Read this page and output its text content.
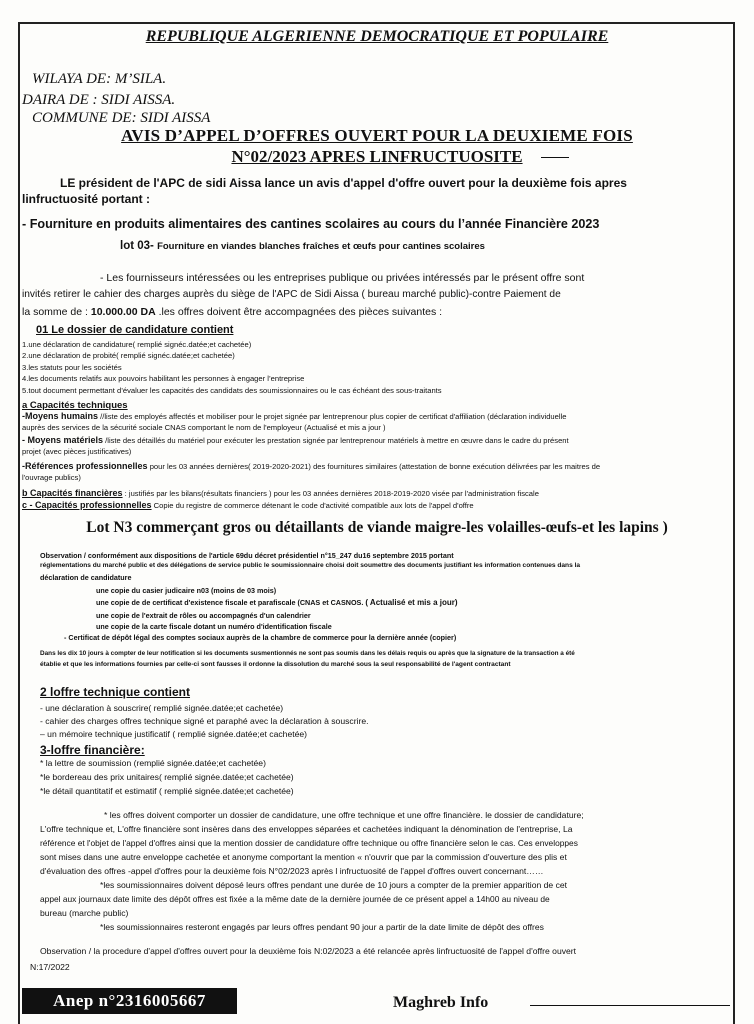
REPUBLIQUE ALGERIENNE DEMOCRATIQUE ET POPULAIRE
WILAYA DE: M’SILA.
DAIRA DE : SIDI AISSA.
COMMUNE DE: SIDI AISSA
AVIS D’APPEL D’OFFRES OUVERT POUR LA DEUXIEME FOIS
N°02/2023 APRES LINFRUCTUOSITE
LE président de l'APC de sidi Aissa lance un avis d'appel d'offre ouvert pour la deuxième fois apres
linfructuosité portant :
- Fourniture en produits alimentaires des cantines scolaires au cours du l’année Financière 2023
lot 03- Fourniture en viandes blanches fraîches et œufs pour cantines scolaires
- Les fournisseurs intéressées ou les entreprises publique ou privées intéressés par le présent offre sont
invités retirer le cahier des charges auprès du siège de l'APC de Sidi Aissa ( bureau marché public)-contre Paiement de
la somme de : 10.000.00 DA .les offres doivent être accompagnées des pièces suivantes :
01 Le dossier de candidature contient
1.une déclaration de candidature( remplié signéc.datée;et cachetée)
2.une déclaration de probité( remplié signéc.datée;et cachetée)
3.les statuts pour les sociétés
4.les documents relatifs aux pouvoirs habilitant les personnes à engager l’entreprise
5.tout document permettant d’évaluer les capacités des candidats des soumissionnaires ou le cas échéant des sous-traitants
a Capacités techniques
-Moyens humains //liste des employés affectés et mobiliser pour le projet signée par lentreprenour plus copier de certificat d'affiliation (déclaration individuelle
auprès des services de la sécurité sociale CNAS comportant le nom de l'employeur (Actualisé et mis a jour )
- Moyens matériels /liste des détaillés du matériel pour exécuter les prestation signée par lentreprenour matériels à mettre en œuvre dans le cadre du présent
projet (avec pièces justificatives)
-Références professionnelles pour les 03 années dernières( 2019-2020-2021) des fournitures similaires (attestation de bonne exécution délivrées par les maitres de
l'ouvrage publics)
b Capacités financières : justifiés par les bilans(résultats financiers ) pour les 03 années dernières 2018-2019-2020 visée par l'administration fiscale
c - Capacités professionnelles Copie du registre de commerce détenant le code d'activité compatible aux lots de l'appel d'offre
Lot N3 commerçant gros ou détaillants de viande maigre-les volailles-œufs-et les lapins )
Observation / conformément aux dispositions de l'article 69du décret présidentiel n°15_247 du16 septembre 2015 portant
réglementations du marché public et des délégations de service public le soumissionnaire choisi doit soumettre des documents justifiant les information contenues dans la
déclaration de candidature
une copie du casier judicaire n03 (moins de 03 mois)
une copie de de certificat d'existence fiscale et parafiscale (CNAS et CASNOS. ( Actualisé et mis a jour)
une copie de l'extrait de rôles ou accompagnés d'un calendrier
une copie de la carte fiscale dotant un numéro d'identification fiscale
- Certificat de dépôt légal des comptes sociaux auprès de la chambre de commerce pour la dernière année (copier)
Dans les dix 10 jours à compter de leur notification si les documents susmentionnés ne sont pas soumis dans les délais requis ou après que la signature de la transaction a été
établie et que les informations fournies par celle-ci sont fausses il ordonne la dissolution du marché sous la seul responsabilité de l'agent contractant
2 loffre technique contient
- une déclaration à souscrire( remplié signée.datée;et cachetée)
- cahier des charges offres technique signé et paraphé avec la déclaration à souscrire.
– un mémoire technique justificatif ( remplié signée.datée;et cachetée)
3-loffre financière:
* la lettre de soumission (remplié signée.datée;et cachetée)
*le bordereau des prix unitaires( remplié signée.datée;et cachetée)
*le détail quantitatif et estimatif ( remplié signée.datée;et cachetée)
* les offres doivent comporter un dossier de candidature, une offre technique et une offre financière. le dossier de candidature;
L'offre technique et, L'offre financière sont insères dans des enveloppes séparées et cachetées indiquant la dénomination de l'entreprise, La
référence et l'objet de l'appel d'offres ainsi que la mention dossier de candidature offre technique ou offre financière selon le cas. Ces enveloppes
sont mises dans une autre enveloppe cachetée et anonyme comportant la mention « n'ouvrir que par la commission d'ouverture des plis et
d'évaluation des offres -appel d'offres pour la deuxième fois N°02/2023 après l infructuosité de l'appel d'offres ouvert concernant……
*les soumissionnaires doivent déposé leurs offres pendant une durée de 10 jours a compter de la premier apparition de cet
appel aux journaux date limite des dépôt offres est fixée a la même date de la dernière journée de ce présent appel a 14h00 au niveau de
bureau (marche public)
*les soumissionnaires resteront engagés par leurs offres pendant 90 jour a partir de la date limite de dépôt des offres
Observation / la procedure d'appel d'offres ouvert pour la deuxième fois N:02/2023 a été relancée après linfructuosité de l'appel d'offre ouvert
N:17/2022
Anep n°2316005667	Maghreb Info
